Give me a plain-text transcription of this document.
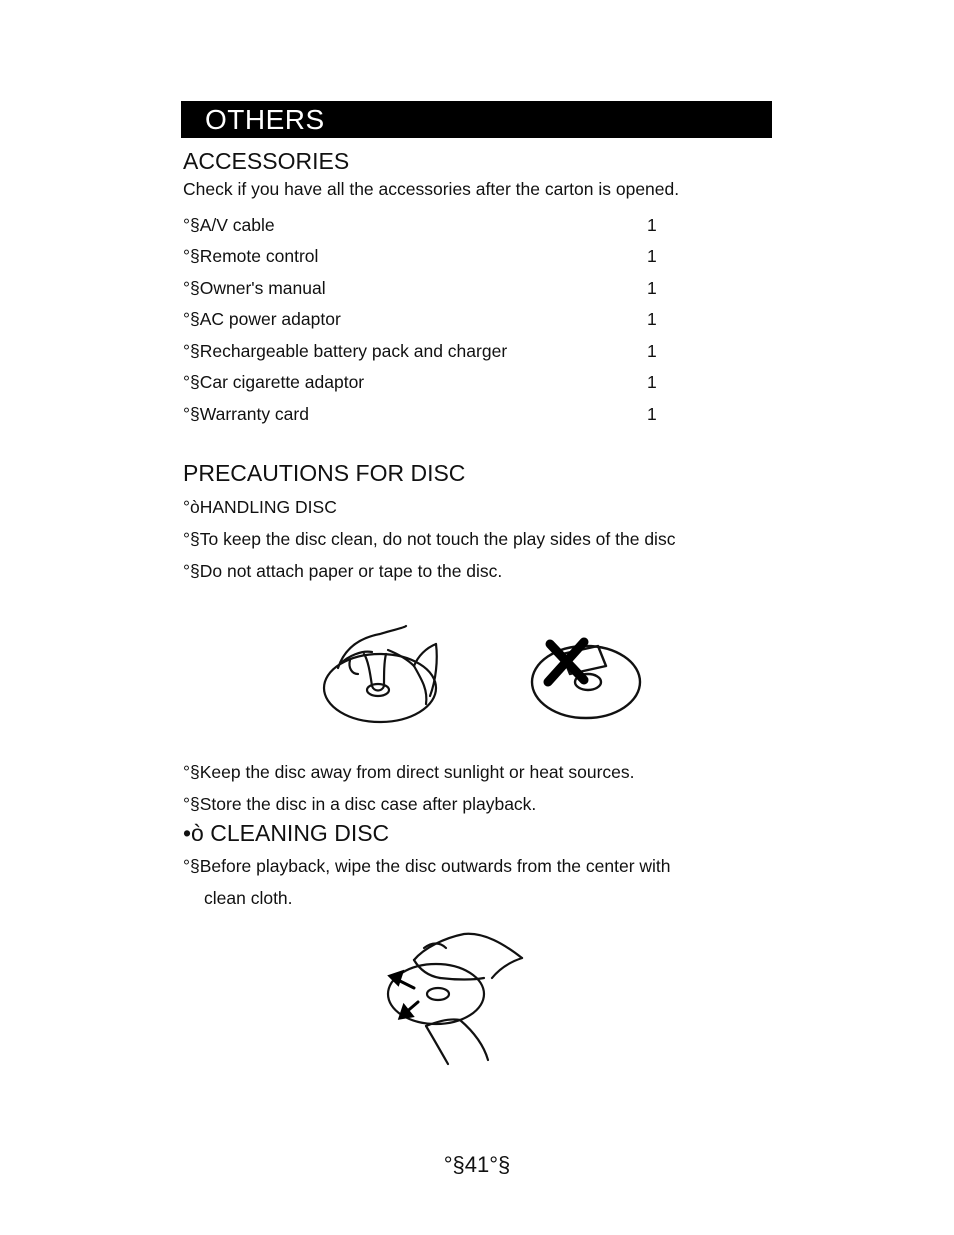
OTHERS
ACCESSORIES
Check if you have all the accessories after the carton is opened.
°§A/V cable	1
°§Remote control	1
°§Owner's manual	1
°§AC power adaptor	1
°§Rechargeable battery pack and charger	1
°§Car cigarette adaptor	1
°§Warranty card	1
PRECAUTIONS FOR DISC
°òHANDLING DISC
°§To keep the disc clean, do not touch the play sides of the disc
°§Do not attach paper or tape to the disc.
°§Keep the disc away from direct sunlight or heat sources.
°§Store the disc in a disc case after playback.
•ò CLEANING DISC
°§Before playback, wipe the disc outwards from the center with
clean cloth.
°§41°§
